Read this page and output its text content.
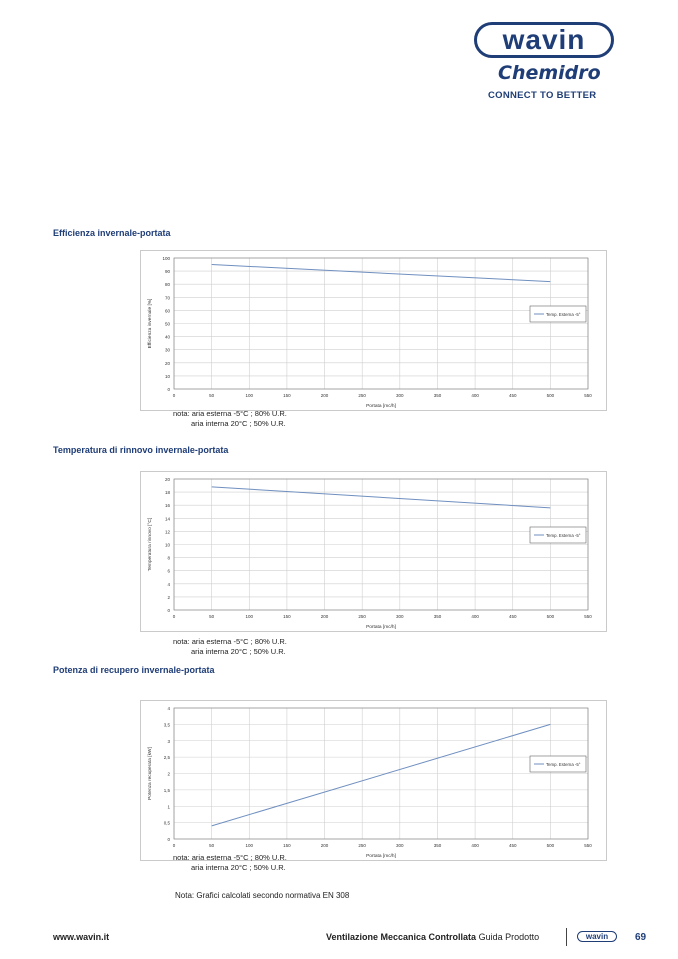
wavin
Chemidro
CONNECT TO BETTER
Efficienza invernale-portata
0
10
20
30
40
50
60
70
80
90
100
0	50	100	150	200	250	300	350	400	450	500	550
Portata [mc/h]
Efficienza invernale [%]	Temp. Esterna -5°
nota: aria esterna -5°C ; 80% U.R.
aria interna 20°C ; 50% U.R.
Temperatura di rinnovo invernale-portata
0
2
4
6
8
10
12
14
16
18
20
0	50	100	150	200	250	300	350	400	450	500	550
Portata [mc/h]
Temperatura rinnovo [°C]	Temp. Esterna -5°
nota: aria esterna -5°C ; 80% U.R.
aria interna 20°C ; 50% U.R.
Potenza di recupero invernale-portata
0
0,5
1
1,5
2
2,5
3
3,5
4
0	50	100	150	200	250	300	350	400	450	500	550
Portata [mc/h]
Potenza recuperata [kW]	Temp. Esterna -5°
nota: aria esterna -5°C ; 80% U.R.
aria interna 20°C ; 50% U.R.
Nota: Grafici calcolati secondo normativa EN 308
www.wavin.it	Ventilazione Meccanica Controllata Guida Prodotto	wavin	69
